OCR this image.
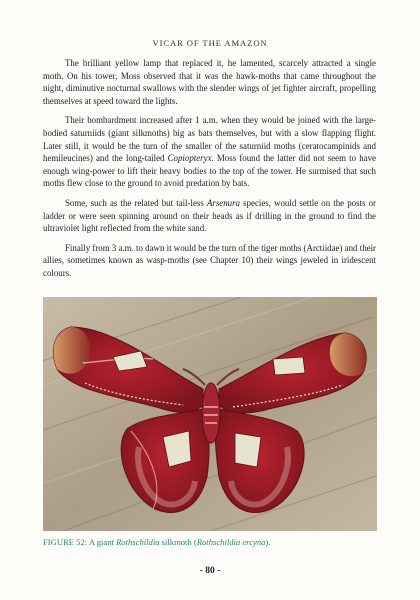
VICAR OF THE AMAZON

The brilliant yellow lamp that replaced it, he lamented, scarcely attracted a single moth. On his tower, Moss observed that it was the hawk-moths that came throughout the night, diminutive nocturnal swallows with the slender wings of jet fighter aircraft, propelling themselves at speed toward the lights.

Their bombardment increased after 1 a.m. when they would be joined with the large-bodied saturniids (giant silkmoths) big as bats themselves, but with a slow flapping flight. Later still, it would be the turn of the smaller of the saturniid moths (ceratocampinids and hemileucines) and the long-tailed Copiopteryx. Moss found the latter did not seem to have enough wing-power to lift their heavy bodies to the top of the tower. He surmised that such moths flew close to the ground to avoid predation by bats.

Some, such as the related but tail-less Arsenura species, would settle on the posts or ladder or were seen spinning around on their heads as if drilling in the ground to find the ultraviolet light reflected from the white sand.

Finally from 3 a.m. to dawn it would be the turn of the tiger moths (Arctiidae) and their allies, sometimes known as wasp-moths (see Chapter 10) their wings jeweled in iridescent colours.

FIGURE 52: A giant Rothschildia silkmoth (Rothschildia ercyna).
- 80 -
